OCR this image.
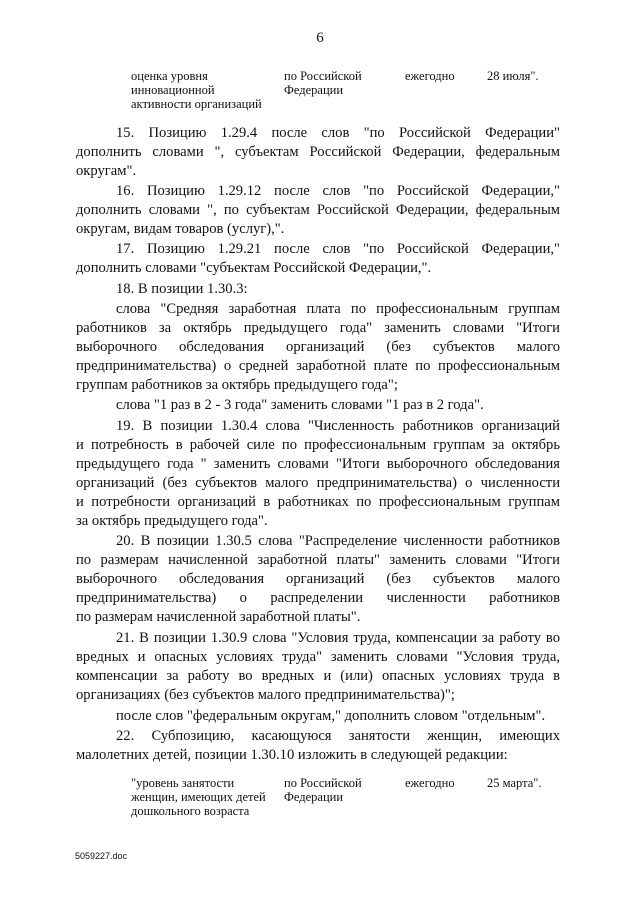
6
оценка уровня
инновационной
активности организаций
по Российской
Федерации
ежегодно	28 июля".
15. Позицию 1.29.4 после слов "по Российской Федерации"
дополнить словами ", субъектам Российской Федерации, федеральным
округам".
16. Позицию 1.29.12 после слов "по Российской Федерации,"
дополнить словами ", по субъектам Российской Федерации, федеральным
округам, видам товаров (услуг),".
17. Позицию 1.29.21 после слов "по Российской Федерации,"
дополнить словами "субъектам Российской Федерации,".
18. В позиции 1.30.3:
слова "Средняя заработная плата по профессиональным группам
работников за октябрь предыдущего года" заменить словами "Итоги
выборочного обследования организаций (без субъектов малого
предпринимательства) о средней заработной плате по профессиональным
группам работников за октябрь предыдущего года";
слова "1 раз в 2 - 3 года" заменить словами "1 раз в 2 года".
19. В позиции 1.30.4 слова "Численность работников организаций
и потребность в рабочей силе по профессиональным группам за октябрь
предыдущего года " заменить словами "Итоги выборочного обследования
организаций (без субъектов малого предпринимательства) о численности
и потребности организаций в работниках по профессиональным группам
за октябрь предыдущего года".
20. В позиции 1.30.5 слова "Распределение численности работников
по размерам начисленной заработной платы" заменить словами "Итоги
выборочного обследования организаций (без субъектов малого
предпринимательства) о распределении численности работников
по размерам начисленной заработной платы".
21. В позиции 1.30.9 слова "Условия труда, компенсации за работу во
вредных и опасных условиях труда" заменить словами "Условия труда,
компенсации за работу во вредных и (или) опасных условиях труда в
организациях (без субъектов малого предпринимательства)";
после слов "федеральным округам," дополнить словом "отдельным".
22. Субпозицию, касающуюся занятости женщин, имеющих
малолетних детей, позиции 1.30.10 изложить в следующей редакции:
"уровень занятости
женщин, имеющих детей
дошкольного возраста
по Российской
Федерации
ежегодно	25 марта".
5059227.doc
